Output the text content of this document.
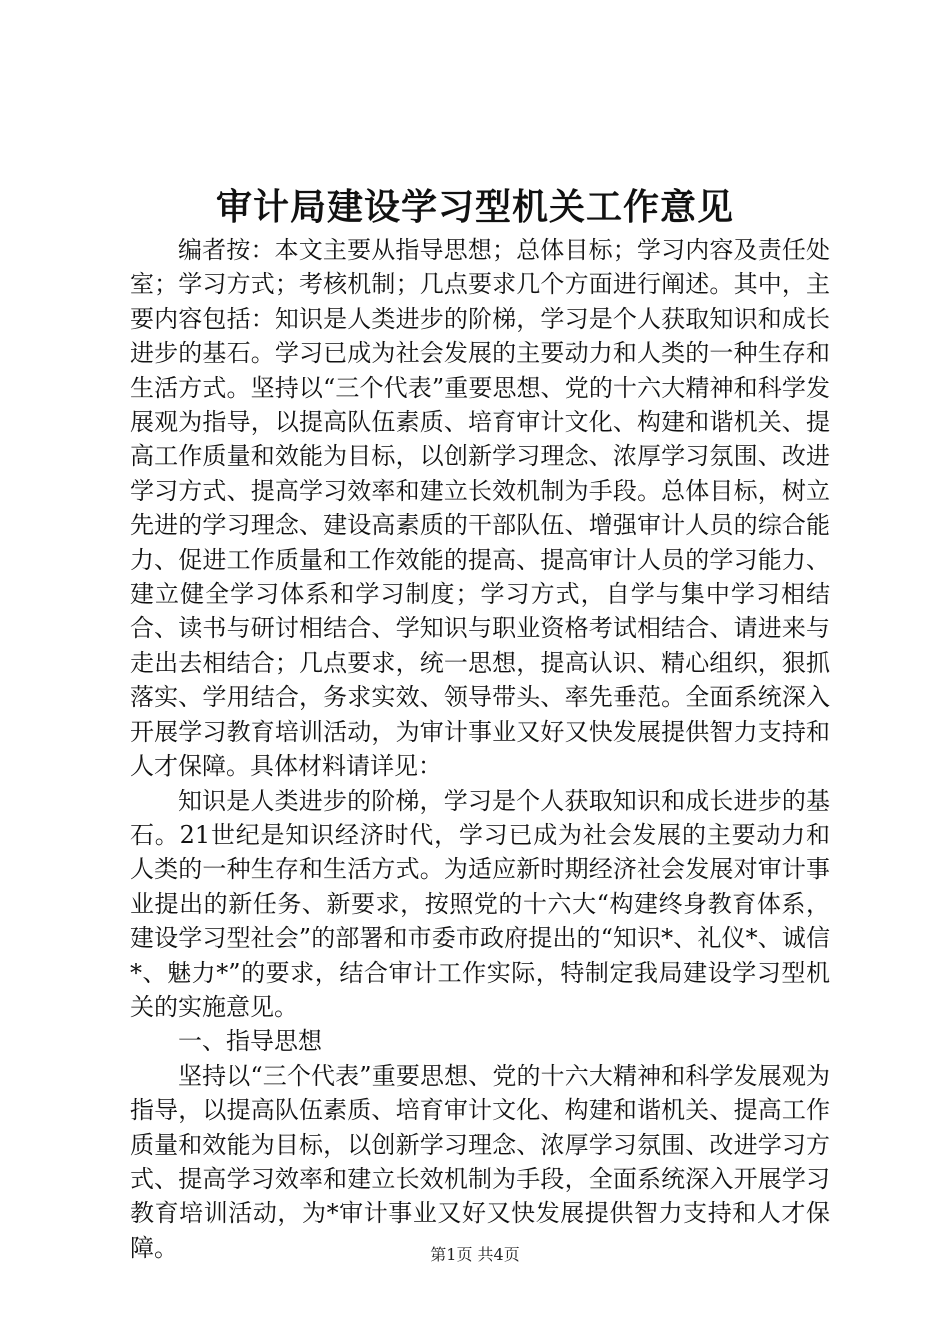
审计局建设学习型机关工作意见

编者按：本文主要从指导思想；总体目标；学习内容及责任处室；学习方式；考核机制；几点要求几个方面进行阐述。其中，主要内容包括：知识是人类进步的阶梯，学习是个人获取知识和成长进步的基石。学习已成为社会发展的主要动力和人类的一种生存和生活方式。坚持以“三个代表”重要思想、党的十六大精神和科学发展观为指导，以提高队伍素质、培育审计文化、构建和谐机关、提高工作质量和效能为目标，以创新学习理念、浓厚学习氛围、改进学习方式、提高学习效率和建立长效机制为手段。总体目标，树立先进的学习理念、建设高素质的干部队伍、增强审计人员的综合能力、促进工作质量和工作效能的提高、提高审计人员的学习能力、建立健全学习体系和学习制度；学习方式，自学与集中学习相结合、读书与研讨相结合、学知识与职业资格考试相结合、请进来与走出去相结合；几点要求，统一思想，提高认识、精心组织，狠抓落实、学用结合，务求实效、领导带头、率先垂范。全面系统深入开展学习教育培训活动，为审计事业又好又快发展提供智力支持和人才保障。具体材料请详见：

知识是人类进步的阶梯，学习是个人获取知识和成长进步的基石。21世纪是知识经济时代，学习已成为社会发展的主要动力和人类的一种生存和生活方式。为适应新时期经济社会发展对审计事业提出的新任务、新要求，按照党的十六大“构建终身教育体系，建设学习型社会”的部署和市委市政府提出的“知识*、礼仪*、诚信*、魅力*”的要求，结合审计工作实际，特制定我局建设学习型机关的实施意见。

一、指导思想

坚持以“三个代表”重要思想、党的十六大精神和科学发展观为指导，以提高队伍素质、培育审计文化、构建和谐机关、提高工作质量和效能为目标，以创新学习理念、浓厚学习氛围、改进学习方式、提高学习效率和建立长效机制为手段，全面系统深入开展学习教育培训活动，为*审计事业又好又快发展提供智力支持和人才保障。	第1页 共4页
